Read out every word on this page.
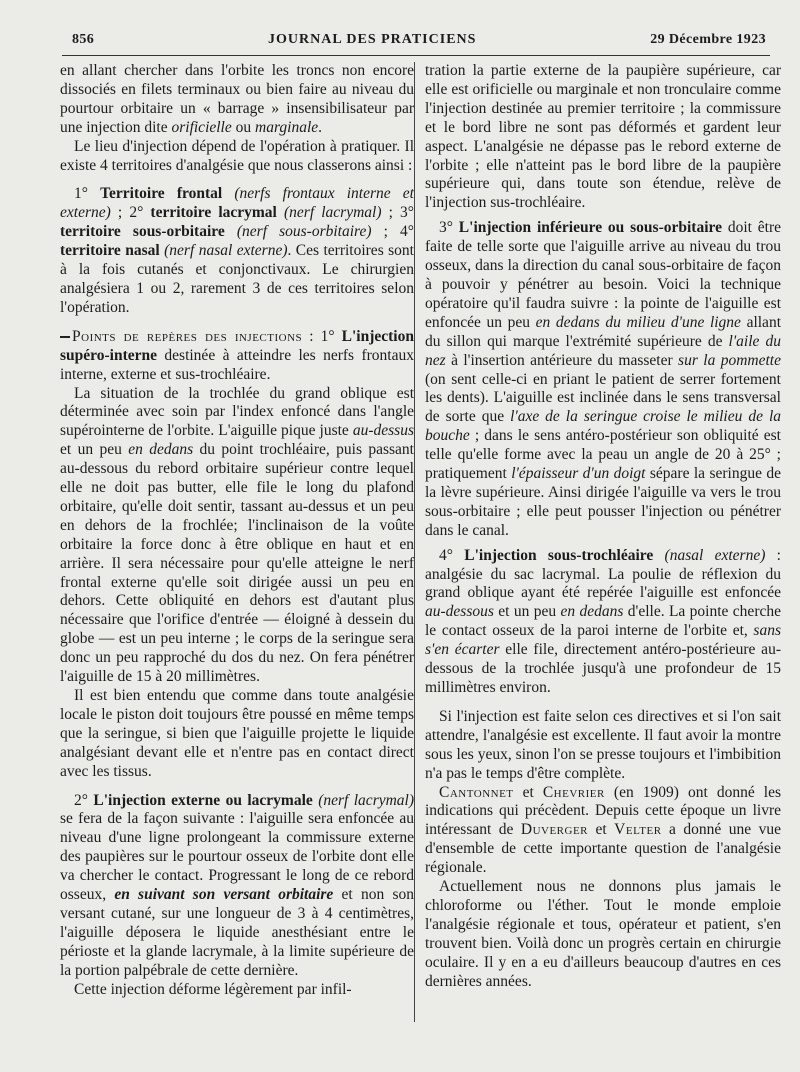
856	JOURNAL DES PRATICIENS	29 Décembre 1923

en allant chercher dans l'orbite les troncs non encore dissociés en filets terminaux ou bien faire au niveau du pourtour orbitaire un « barrage » insensibilisateur par une injection dite orificielle ou marginale.

Le lieu d'injection dépend de l'opération à pratiquer. Il existe 4 territoires d'analgésie que nous classerons ainsi :

1° Territoire frontal (nerfs frontaux interne et externe) ; 2° territoire lacrymal (nerf lacrymal) ; 3° territoire sous-orbitaire (nerf sous-orbitaire) ; 4° territoire nasal (nerf nasal externe). Ces territoires sont à la fois cutanés et conjonctivaux. Le chirurgien analgésiera 1 ou 2, rarement 3 de ces territoires selon l'opération.

Points de repères des injections : 1° L'injection supéro-interne destinée à atteindre les nerfs frontaux interne, externe et sus-trochléaire.

La situation de la trochlée du grand oblique est déterminée avec soin par l'index enfoncé dans l'angle supérointerne de l'orbite. L'aiguille pique juste au-dessus et un peu en dedans du point trochléaire, puis passant au-dessous du rebord orbitaire supérieur contre lequel elle ne doit pas butter, elle file le long du plafond orbitaire, qu'elle doit sentir, tassant au-dessus et un peu en dehors de la frochlée; l'inclinaison de la voûte orbitaire la force donc à être oblique en haut et en arrière. Il sera nécessaire pour qu'elle atteigne le nerf frontal externe qu'elle soit dirigée aussi un peu en dehors. Cette obliquité en dehors est d'autant plus nécessaire que l'orifice d'entrée — éloigné à dessein du globe — est un peu interne ; le corps de la seringue sera donc un peu rapproché du dos du nez. On fera pénétrer l'aiguille de 15 à 20 millimètres.

Il est bien entendu que comme dans toute analgésie locale le piston doit toujours être poussé en même temps que la seringue, si bien que l'aiguille projette le liquide analgésiant devant elle et n'entre pas en contact direct avec les tissus.

2° L'injection externe ou lacrymale (nerf lacrymal) se fera de la façon suivante : l'aiguille sera enfoncée au niveau d'une ligne prolongeant la commissure externe des paupières sur le pourtour osseux de l'orbite dont elle va chercher le contact. Progressant le long de ce rebord osseux, en suivant son versant orbitaire et non son versant cutané, sur une longueur de 3 à 4 centimètres, l'aiguille déposera le liquide anesthésiant entre le périoste et la glande lacrymale, à la limite supérieure de la portion palpébrale de cette dernière.

Cette injection déforme légèrement par infil-

tration la partie externe de la paupière supérieure, car elle est orificielle ou marginale et non tronculaire comme l'injection destinée au premier territoire ; la commissure et le bord libre ne sont pas déformés et gardent leur aspect. L'analgésie ne dépasse pas le rebord externe de l'orbite ; elle n'atteint pas le bord libre de la paupière supérieure qui, dans toute son étendue, relève de l'injection sus-trochléaire.

3° L'injection inférieure ou sous-orbitaire doit être faite de telle sorte que l'aiguille arrive au niveau du trou osseux, dans la direction du canal sous-orbitaire de façon à pouvoir y pénétrer au besoin. Voici la technique opératoire qu'il faudra suivre : la pointe de l'aiguille est enfoncée un peu en dedans du milieu d'une ligne allant du sillon qui marque l'extrémité supérieure de l'aile du nez à l'insertion antérieure du masseter sur la pommette (on sent celle-ci en priant le patient de serrer fortement les dents). L'aiguille est inclinée dans le sens transversal de sorte que l'axe de la seringue croise le milieu de la bouche ; dans le sens antéro-postérieur son obliquité est telle qu'elle forme avec la peau un angle de 20 à 25° ; pratiquement l'épaisseur d'un doigt sépare la seringue de la lèvre supérieure. Ainsi dirigée l'aiguille va vers le trou sous-orbitaire ; elle peut pousser l'injection ou pénétrer dans le canal.

4° L'injection sous-trochléaire (nasal externe) : analgésie du sac lacrymal. La poulie de réflexion du grand oblique ayant été repérée l'aiguille est enfoncée au-dessous et un peu en dedans d'elle. La pointe cherche le contact osseux de la paroi interne de l'orbite et, sans s'en écarter elle file, directement antéro-postérieure au-dessous de la trochlée jusqu'à une profondeur de 15 millimètres environ.

Si l'injection est faite selon ces directives et si l'on sait attendre, l'analgésie est excellente. Il faut avoir la montre sous les yeux, sinon l'on se presse toujours et l'imbibition n'a pas le temps d'être complète.

Cantonnet et Chevrier (en 1909) ont donné les indications qui précèdent. Depuis cette époque un livre intéressant de Duverger et Velter a donné une vue d'ensemble de cette importante question de l'analgésie régionale.

Actuellement nous ne donnons plus jamais le chloroforme ou l'éther. Tout le monde emploie l'analgésie régionale et tous, opérateur et patient, s'en trouvent bien. Voilà donc un progrès certain en chirurgie oculaire. Il y en a eu d'ailleurs beaucoup d'autres en ces dernières années.
